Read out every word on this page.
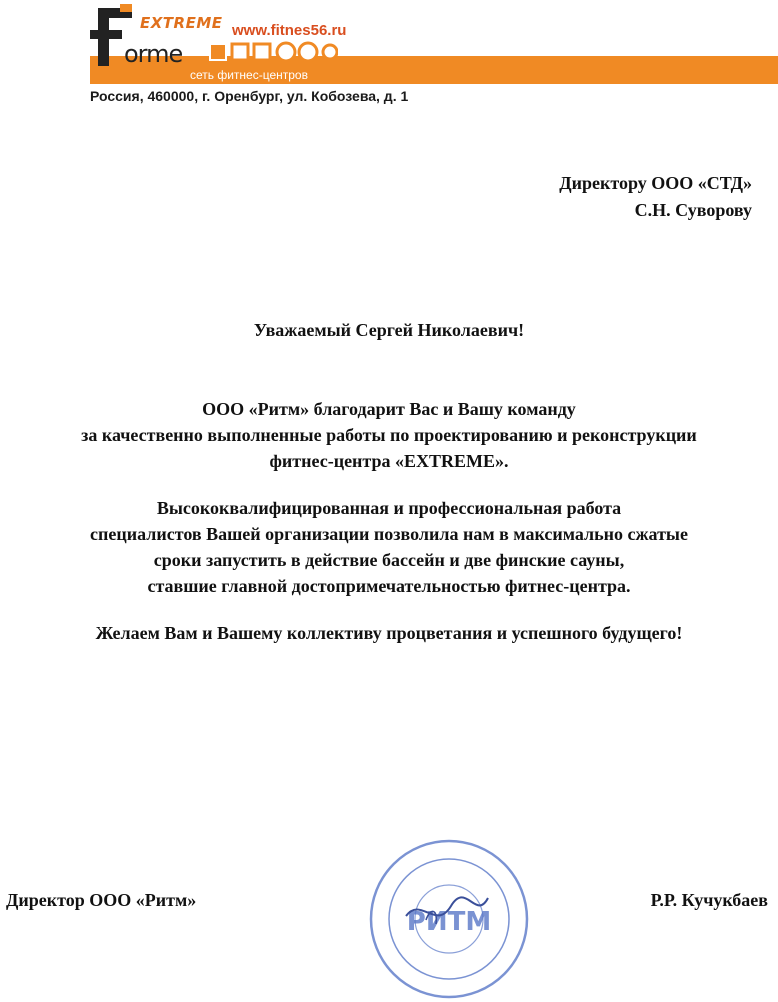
EXTREME www.fitnes56.ru
orme
сеть фитнес-центров
Россия, 460000, г. Оренбург, ул. Кобозева, д. 1
Директору ООО «СТД»
С.Н. Суворову
Уважаемый Сергей Николаевич!
ООО «Ритм» благодарит Вас и Вашу команду
за качественно выполненные работы по проектированию и реконструкции
фитнес-центра «EXTREME».
Высококвалифицированная и профессиональная работа
специалистов Вашей организации позволила нам в максимально сжатые
сроки запустить в действие бассейн и две финские сауны,
ставшие главной достопримечательностью фитнес-центра.
Желаем Вам и Вашему коллективу процветания и успешного будущего!
Директор ООО «Ритм»	Р.Р. Кучукбаев
РИТМ
